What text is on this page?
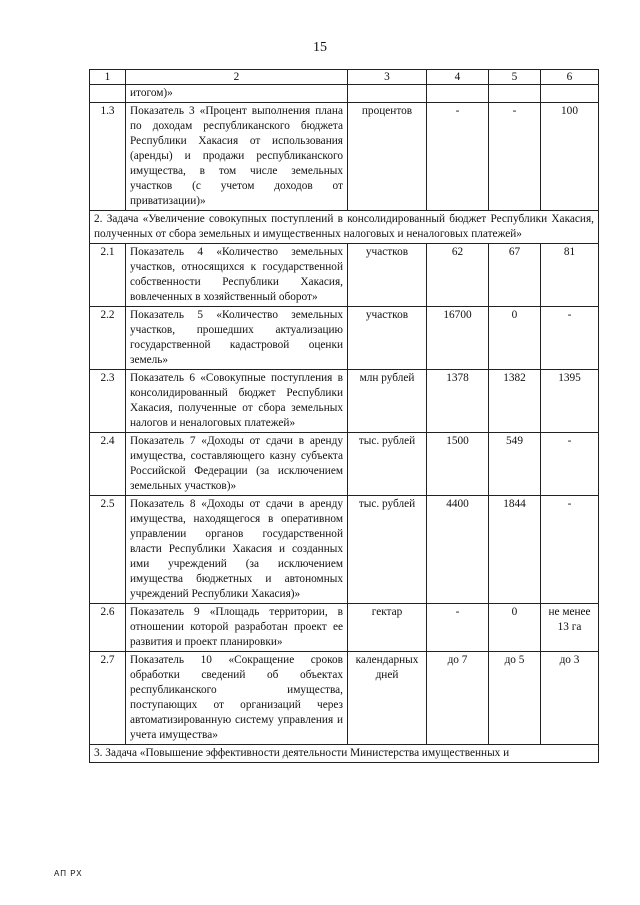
15
1	2	3	4	5	6
	итогом)»				
1.3	Показатель 3 «Процент выполнения плана по доходам республиканского бюджета Республики Хакасия от использования (аренды) и продажи республиканского имущества, в том числе земельных участков (с учетом доходов от приватизации)»	процентов	-	-	100
2. Задача «Увеличение совокупных поступлений в консолидированный бюджет Республики Хакасия, полученных от сбора земельных и имущественных налоговых и неналоговых платежей»					
2.1	Показатель 4 «Количество земельных участков, относящихся к государственной собственности Республики Хакасия, вовлеченных в хозяйственный оборот»	участков	62	67	81
2.2	Показатель 5 «Количество земельных участков, прошедших актуализацию государственной кадастровой оценки земель»	участков	16700	0	-
2.3	Показатель 6 «Совокупные поступления в консолидированный бюджет Республики Хакасия, полученные от сбора земельных налогов и неналоговых платежей»	млн рублей	1378	1382	1395
2.4	Показатель 7 «Доходы от сдачи в аренду имущества, составляющего казну субъекта Российской Федерации (за исключением земельных участков)»	тыс. рублей	1500	549	-
2.5	Показатель 8 «Доходы от сдачи в аренду имущества, находящегося в оперативном управлении органов государственной власти Республики Хакасия и созданных ими учреждений (за исключением имущества бюджетных и автономных учреждений Республики Хакасия)»	тыс. рублей	4400	1844	-
2.6	Показатель 9 «Площадь территории, в отношении которой разработан проект ее развития и проект планировки»	гектар	-	0	не менее 13 га
2.7	Показатель 10 «Сокращение сроков обработки сведений об объектах республиканского имущества, поступающих от организаций через автоматизированную систему управления и учета имущества»	календарных дней	до 7	до 5	до 3
3. Задача «Повышение эффективности деятельности Министерства имущественных и					
АП РХ
